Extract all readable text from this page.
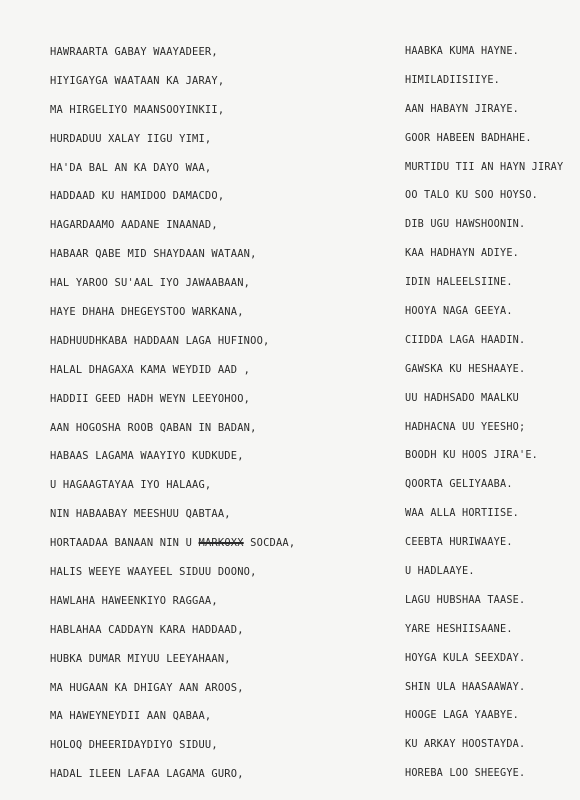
HAWRAARTA GABAY WAAYADEER,
HIYIGAYGA WAATAAN KA JARAY,
MA HIRGELIYO MAANSOOYINKII,
HURDADUU XALAY IIGU YIMI,
HA'DA BAL AN KA DAYO WAA,
HADDAAD KU HAMIDOO DAMACDO,
HAGARDAAMO AADANE INAANAD,
HABAAR QABE MID SHAYDAAN WATAAN,
HAL YAROO SU'AAL IYO JAWAABAAN,
HAYE DHAHA DHEGEYSTOO WARKANA,
HADHUUDHKABA HADDAAN LAGA HUFINOO,
HALAL DHAGAXA KAMA WEYDID AAD ,
HADDII GEED HADH WEYN LEEYOHOO,
AAN HOGOSHA ROOB QABAN IN BADAN,
HABAAS LAGAMA WAAYIYO KUDKUDE,
U HAGAAGTAYAA IYO HALAAG,
NIN HABAABAY MEESHUU QABTAA,
HORTAADAA BANAAN NIN U MARKOXX SOCDAA,
HALIS WEEYE WAAYEEL SIDUU DOONO,
HAWLAHA HAWEENKIYO RAGGAA,
HABLAHAA CADDAYN KARA HADDAAD,
HUBKA DUMAR MIYUU LEEYAHAAN,
MA HUGAAN KA DHIGAY AAN AROOS,
MA HAWEYNEYDII AAN QABAA,
HOLOQ DHEERIDAYDIYO SIDUU,
HADAL ILEEN LAFAA LAGAMA GURO,
HAABKA KUMA HAYNE.
HIMILADIISIIYE.
AAN HABAYN JIRAYE.
GOOR HABEEN BADHAHE.
MURTIDU TII AN HAYN JIRAY
OO TALO KU SOO HOYSO.
DIB UGU HAWSHOONIN.
KAA HADHAYN ADIYE.
IDIN HALEELSIINE.
HOOYA NAGA GEEYA.
CIIDDA LAGA HAADIN.
GAWSKA KU HESHAAYE.
UU HADHSADO MAALKU
HADHACNA UU YEESHO;
BOODH KU HOOS JIRA'E.
QOORTA GELIYAABA.
WAA ALLA HORTIISE.
CEEBTA HURIWAAYE.
U HADLAAYE.
LAGU HUBSHAA TAASE.
YARE HESHIISAANE.
HOYGA KULA SEEXDAY.
SHIN ULA HAASAAWAY.
HOOGE LAGA YAABYE.
KU ARKAY HOOSTAYDA.
HOREBA LOO SHEEGYE.
